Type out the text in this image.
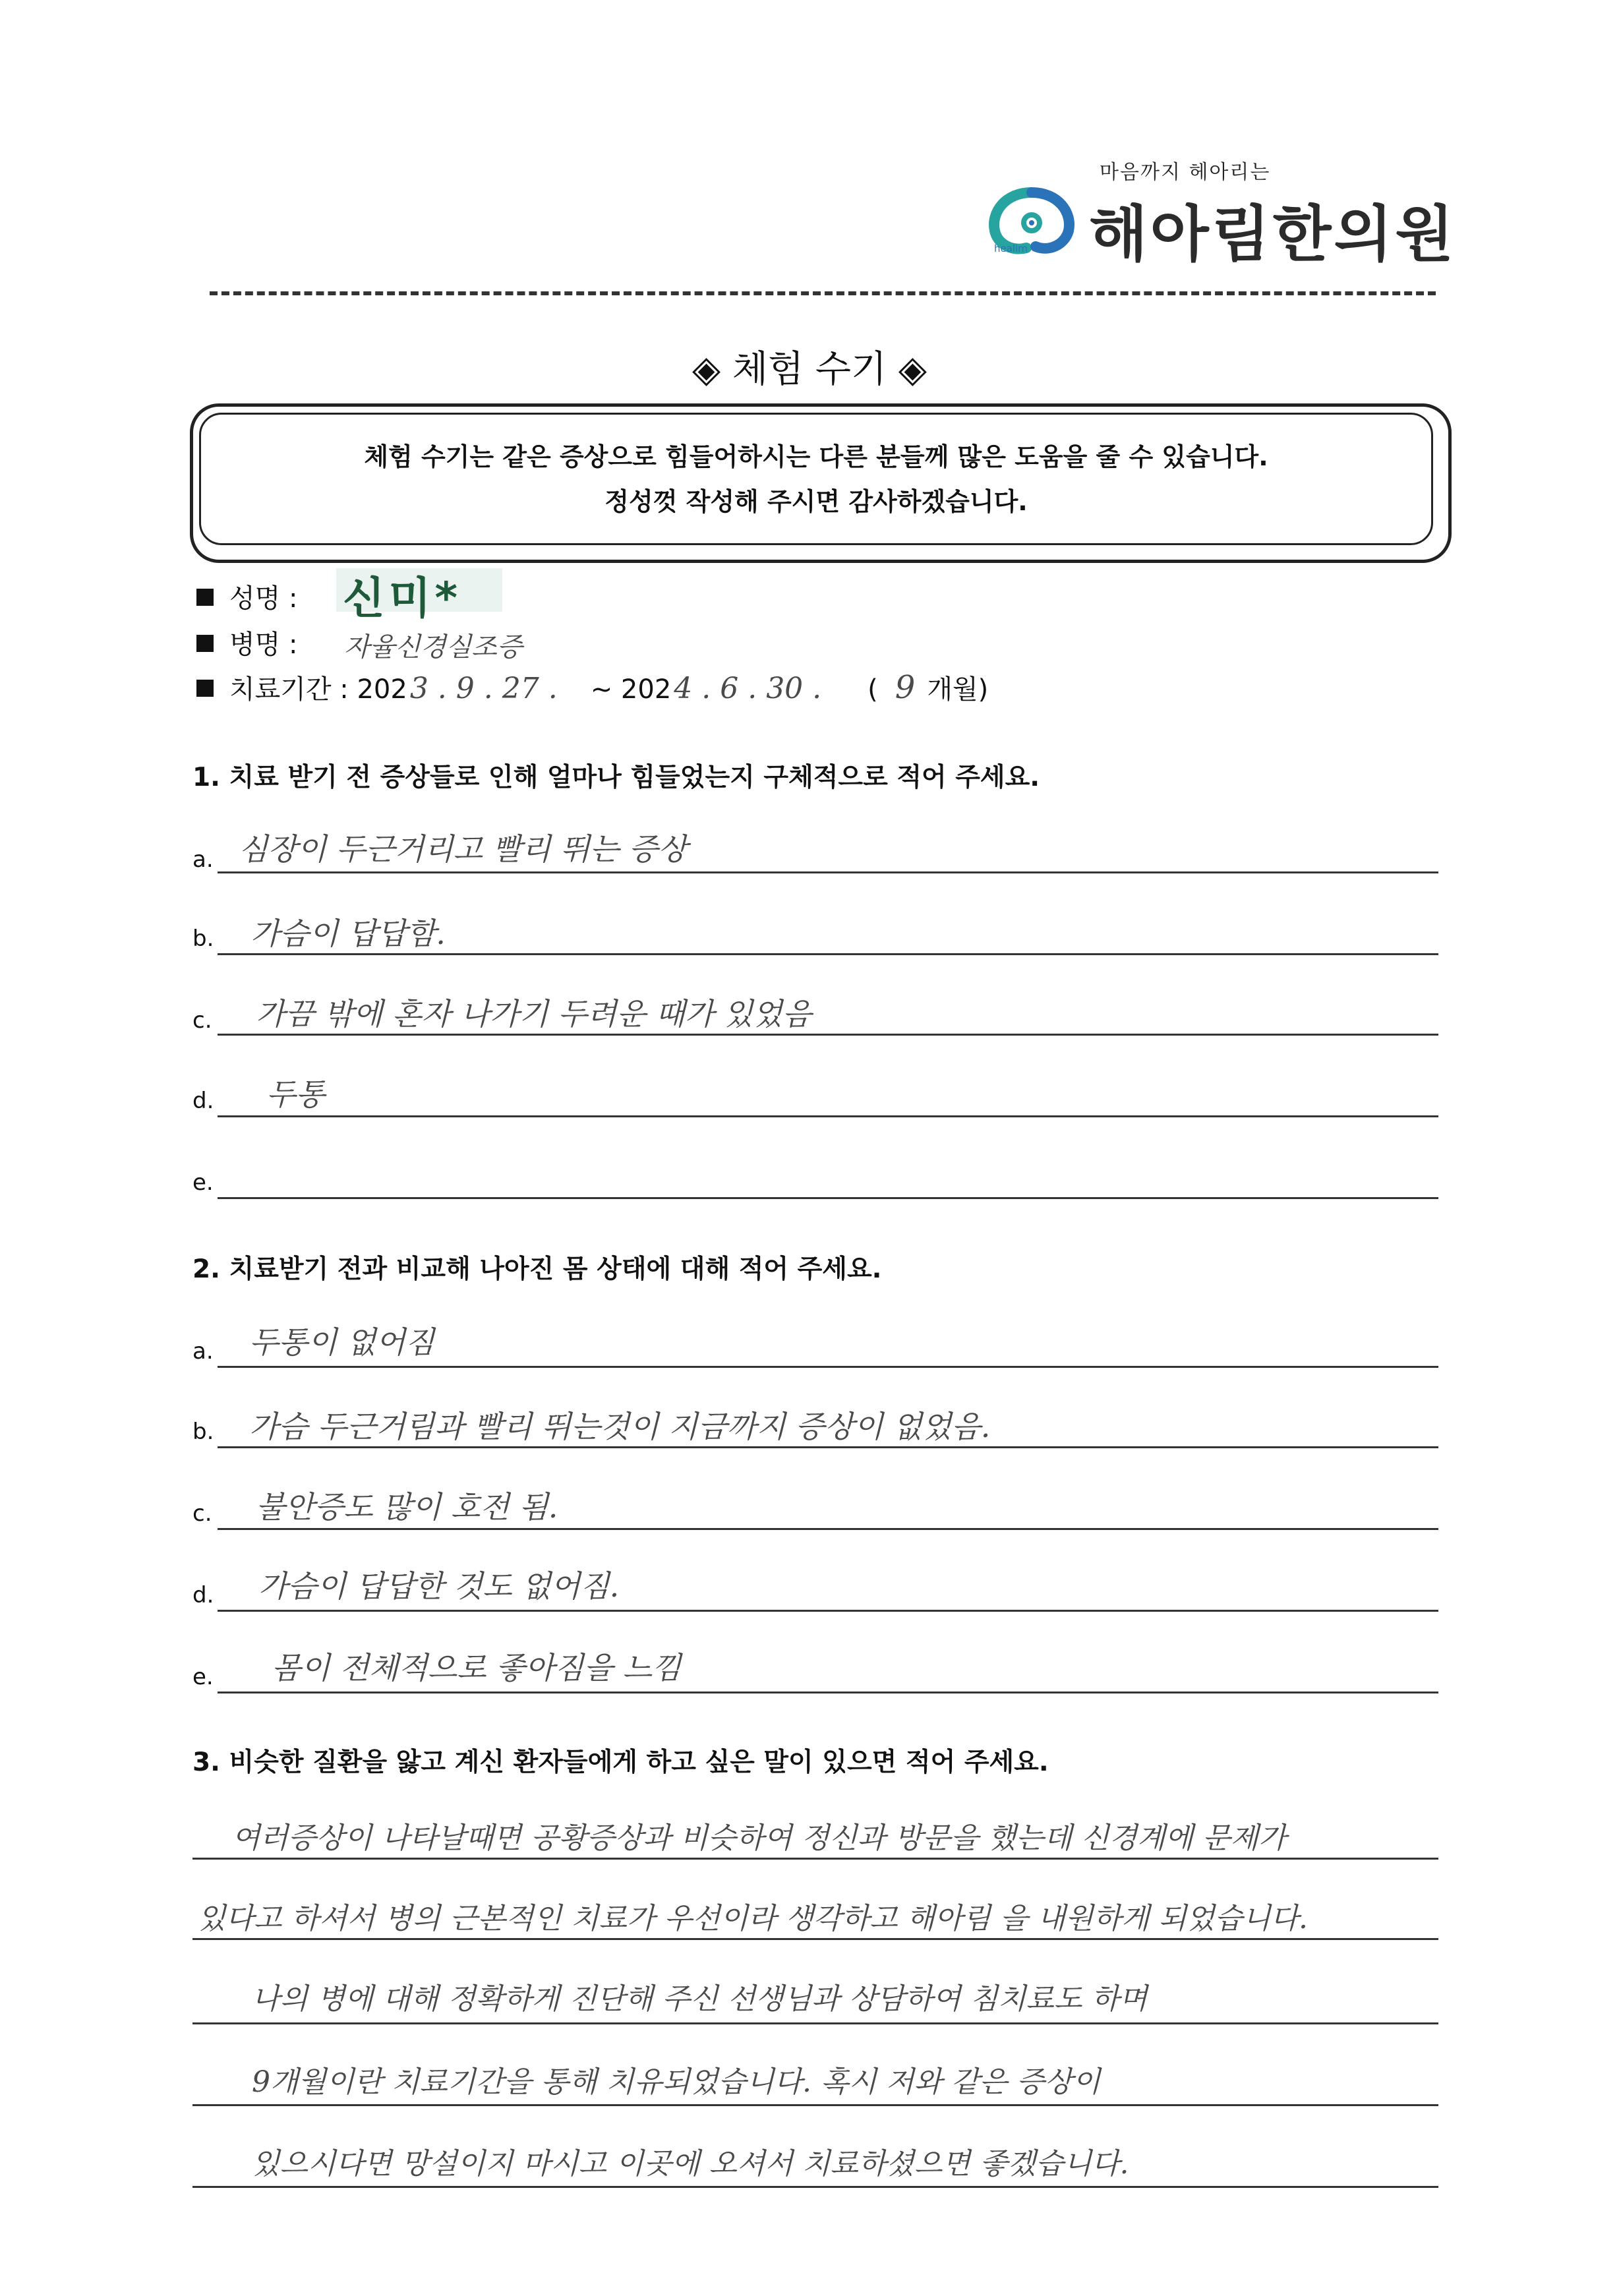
마음까지 헤아리는
healim 해아림한의원
◈ 체험 수기 ◈
체험 수기는 같은 증상으로 힘들어하시는 다른 분들께 많은 도움을 줄 수 있습니다.
정성껏 작성해 주시면 감사하겠습니다.
성명 : 신미*
병명 : 자율신경실조증
치료기간 : 2023 . 9 . 27 . ~ 2024 . 6 . 30 . ( 9 개월)
1. 치료 받기 전 증상들로 인해 얼마나 힘들었는지 구체적으로 적어 주세요.
a. 심장이 두근거리고 빨리 뛰는 증상
b. 가슴이 답답함.
c. 가끔 밖에 혼자 나가기 두려운 때가 있었음
d. 두통
e.
2. 치료받기 전과 비교해 나아진 몸 상태에 대해 적어 주세요.
a. 두통이 없어짐
b. 가슴 두근거림과 빨리 뛰는것이 지금까지 증상이 없었음.
c. 불안증도 많이 호전 됨.
d. 가슴이 답답한 것도 없어짐.
e. 몸이 전체적으로 좋아짐을 느낌
3. 비슷한 질환을 앓고 계신 환자들에게 하고 싶은 말이 있으면 적어 주세요.
여러증상이 나타날때면 공황증상과 비슷하여 정신과 방문을 했는데 신경계에 문제가
있다고 하셔서 병의 근본적인 치료가 우선이라 생각하고 해아림 을 내원하게 되었습니다.
나의 병에 대해 정확하게 진단해 주신 선생님과 상담하여 침치료도 하며
9개월이란 치료기간을 통해 치유되었습니다. 혹시 저와 같은 증상이
있으시다면 망설이지 마시고 이곳에 오셔서 치료하셨으면 좋겠습니다.
